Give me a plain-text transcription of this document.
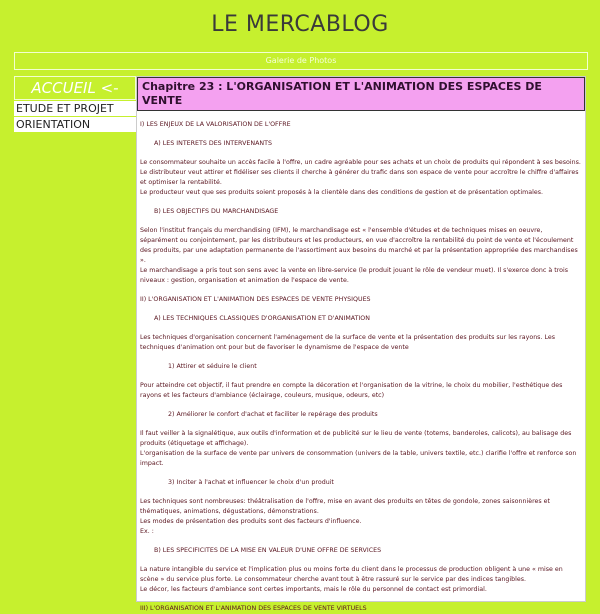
LE MERCABLOG
Galerie de Photos
ACCUEIL <-
ETUDE ET PROJET
ORIENTATION
Chapitre 23 : L'ORGANISATION ET L'ANIMATION DES ESPACES DE VENTE

I) LES ENJEUX DE LA VALORISATION DE L'OFFRE

A) LES INTERETS DES INTERVENANTS

Le consommateur souhaite un accès facile à l'offre, un cadre agréable pour ses achats et un choix de produits qui répondent à ses besoins. Le distributeur veut attirer et fidéliser ses clients il cherche à générer du trafic dans son espace de vente pour accroître le chiffre d'affaires et optimiser la rentabilité.

Le producteur veut que ses produits soient proposés à la clientèle dans des conditions de gestion et de présentation optimales.

B) LES OBJECTIFS DU MARCHANDISAGE

Selon l'institut français du merchandising (IFM), le marchandisage est « l'ensemble d'études et de techniques mises en oeuvre, séparément ou conjointement, par les distributeurs et les producteurs, en vue d'accroître la rentabilité du point de vente et l'écoulement des produits, par une adaptation permanente de l'assortiment aux besoins du marché et par la présentation appropriée des marchandises ».

Le marchandisage a pris tout son sens avec la vente en libre-service (le produit jouant le rôle de vendeur muet). Il s'exerce donc à trois niveaux : gestion, organisation et animation de l'espace de vente.

II) L'ORGANISATION ET L'ANIMATION DES ESPACES DE VENTE PHYSIQUES

A) LES TECHNIQUES CLASSIQUES D'ORGANISATION ET D'ANIMATION

Les techniques d'organisation concernent l'aménagement de la surface de vente et la présentation des produits sur les rayons. Les techniques d'animation ont pour but de favoriser le dynamisme de l'espace de vente

1) Attirer et séduire le client

Pour atteindre cet objectif, il faut prendre en compte la décoration et l'organisation de la vitrine, le choix du mobilier, l'esthétique des rayons et les facteurs d'ambiance (éclairage, couleurs, musique, odeurs, etc)

2) Améliorer le confort d'achat et faciliter le repérage des produits

Il faut veiller à la signalétique, aux outils d'information et de publicité sur le lieu de vente (totems, banderoles, calicots), au balisage des produits (étiquetage et affichage).

L'organisation de la surface de vente par univers de consommation (univers de la table, univers textile, etc.) clarifie l'offre et renforce son impact.

3) Inciter à l'achat et influencer le choix d'un produit

Les techniques sont nombreuses: théâtralisation de l'offre, mise en avant des produits en têtes de gondole, zones saisonnières et thématiques, animations, dégustations, démonstrations.

Les modes de présentation des produits sont des facteurs d'influence.

Ex. :

B) LES SPECIFICITES DE LA MISE EN VALEUR D'UNE OFFRE DE SERVICES

La nature intangible du service et l'implication plus ou moins forte du client dans le processus de production obligent à une « mise en scène » du service plus forte. Le consommateur cherche avant tout à être rassuré sur le service par des indices tangibles.

Le décor, les facteurs d'ambiance sont certes importants, mais le rôle du personnel de contact est primordial.

III) L'ORGANISATION ET L'ANIMATION DES ESPACES DE VENTE VIRTUELS
